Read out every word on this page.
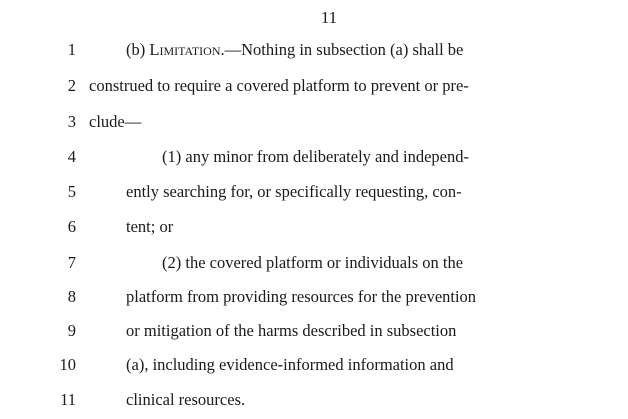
11
1	(b) Limitation.—Nothing in subsection (a) shall be
2 construed to require a covered platform to prevent or pre-
3 clude—
4	(1) any minor from deliberately and independ-
5	ently searching for, or specifically requesting, con-
6	tent; or
7	(2) the covered platform or individuals on the
8	platform from providing resources for the prevention
9	or mitigation of the harms described in subsection
10	(a), including evidence-informed information and
11	clinical resources.
